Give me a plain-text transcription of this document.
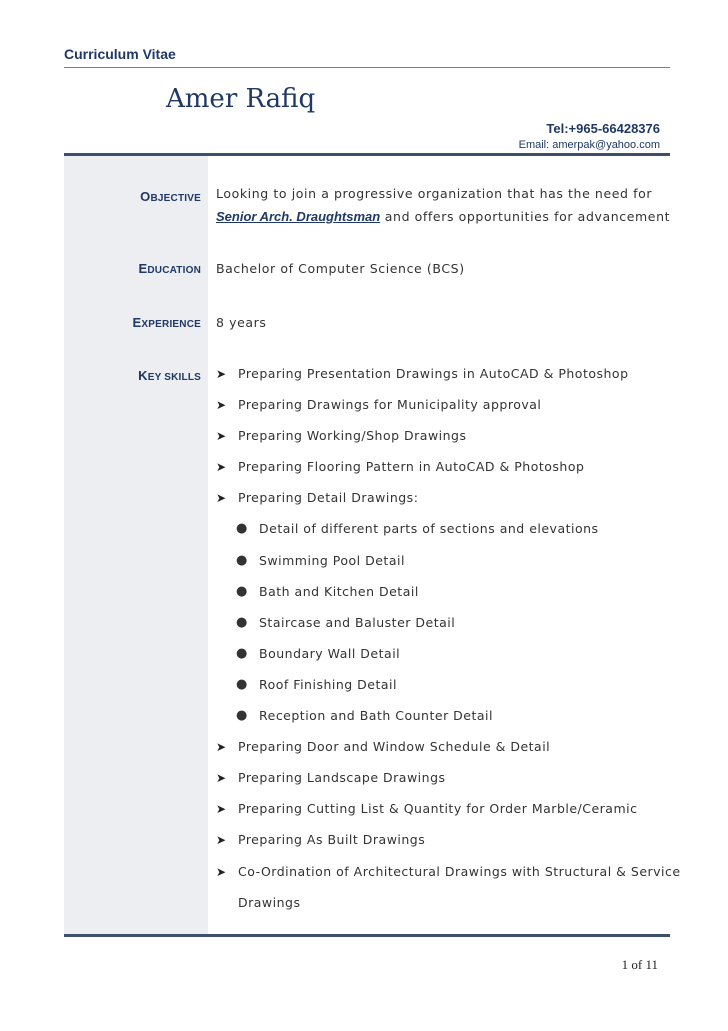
Curriculum Vitae
Amer Rafiq
Tel:+965-66428376
Email: amerpak@yahoo.com
OBJECTIVE Looking to join a progressive organization that has the need for
Senior Arch. Draughtsman and offers opportunities for advancement
EDUCATION Bachelor of Computer Science (BCS)
EXPERIENCE 8 years
KEY SKILLS ➤ Preparing Presentation Drawings in AutoCAD & Photoshop
➤ Preparing Drawings for Municipality approval
➤ Preparing Working/Shop Drawings
➤ Preparing Flooring Pattern in AutoCAD & Photoshop
➤ Preparing Detail Drawings:
● Detail of different parts of sections and elevations
● Swimming Pool Detail
● Bath and Kitchen Detail
● Staircase and Baluster Detail
● Boundary Wall Detail
● Roof Finishing Detail
● Reception and Bath Counter Detail
➤ Preparing Door and Window Schedule & Detail
➤ Preparing Landscape Drawings
➤ Preparing Cutting List & Quantity for Order Marble/Ceramic
➤ Preparing As Built Drawings
➤ Co-Ordination of Architectural Drawings with Structural & Service
Drawings
1 of 11
